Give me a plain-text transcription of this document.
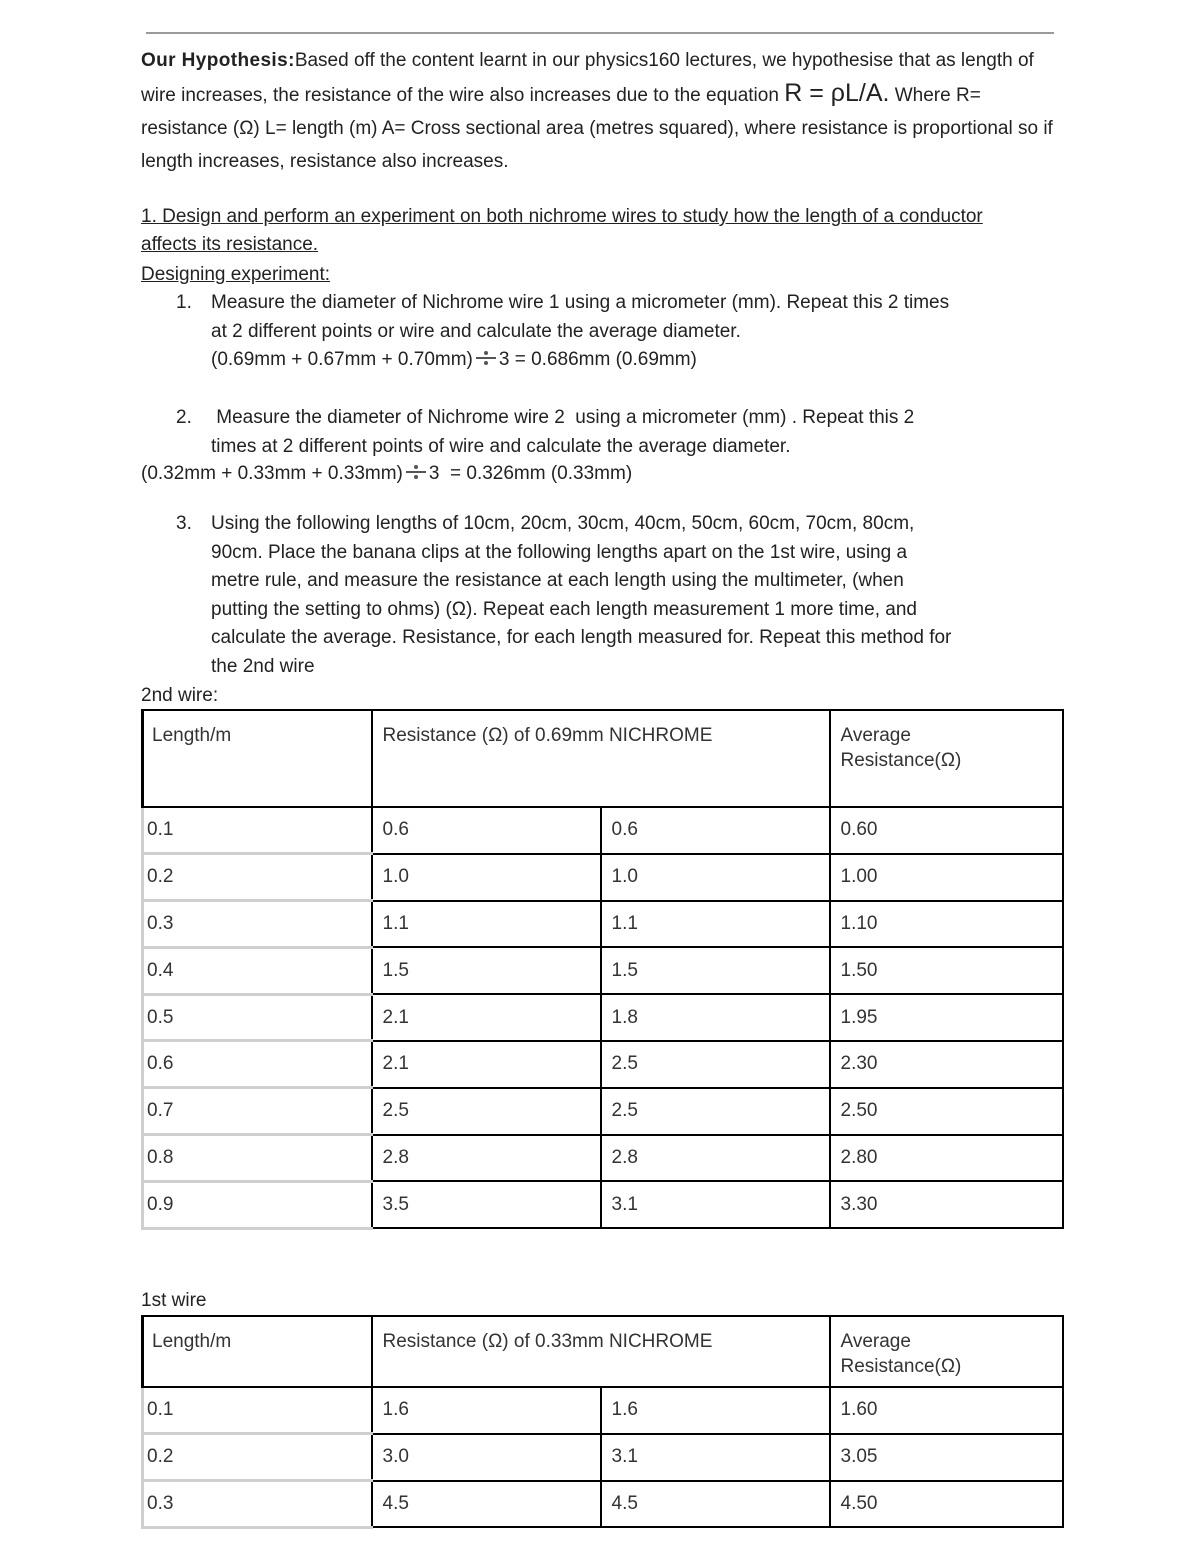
Our Hypothesis:Based off the content learnt in our physics160 lectures, we hypothesise that as length of wire increases, the resistance of the wire also increases due to the equation R = ρL/A. Where R= resistance (Ω) L= length (m) A= Cross sectional area (metres squared), where resistance is proportional so if length increases, resistance also increases.
1. Design and perform an experiment on both nichrome wires to study how the length of a conductor affects its resistance.
Designing experiment:
1. Measure the diameter of Nichrome wire 1 using a micrometer (mm). Repeat this 2 times
at 2 different points or wire and calculate the average diameter.
(0.69mm + 0.67mm + 0.70mm) 3 = 0.686mm (0.69mm)
2. Measure the diameter of Nichrome wire 2  using a micrometer (mm) . Repeat this 2
times at 2 different points of wire and calculate the average diameter.
(0.32mm + 0.33mm + 0.33mm) 3  = 0.326mm (0.33mm)
3. Using the following lengths of 10cm, 20cm, 30cm, 40cm, 50cm, 60cm, 70cm, 80cm,
90cm. Place the banana clips at the following lengths apart on the 1st wire, using a
metre rule, and measure the resistance at each length using the multimeter, (when
putting the setting to ohms) (Ω). Repeat each length measurement 1 more time, and
calculate the average. Resistance, for each length measured for. Repeat this method for
the 2nd wire
2nd wire:
Length/m	Resistance (Ω) of 0.69mm NICHROME		Average
Resistance(Ω)

0.1	0.6	0.6	0.60
0.2	1.0	1.0	1.00
0.3	1.1	1.1	1.10
0.4	1.5	1.5	1.50
0.5	2.1	1.8	1.95
0.6	2.1	2.5	2.30
0.7	2.5	2.5	2.50
0.8	2.8	2.8	2.80
0.9	3.5	3.1	3.30
1st wire
Length/m	Resistance (Ω) of 0.33mm NICHROME		Average
Resistance(Ω)

0.1	1.6	1.6	1.60
0.2	3.0	3.1	3.05
0.3	4.5	4.5	4.50
